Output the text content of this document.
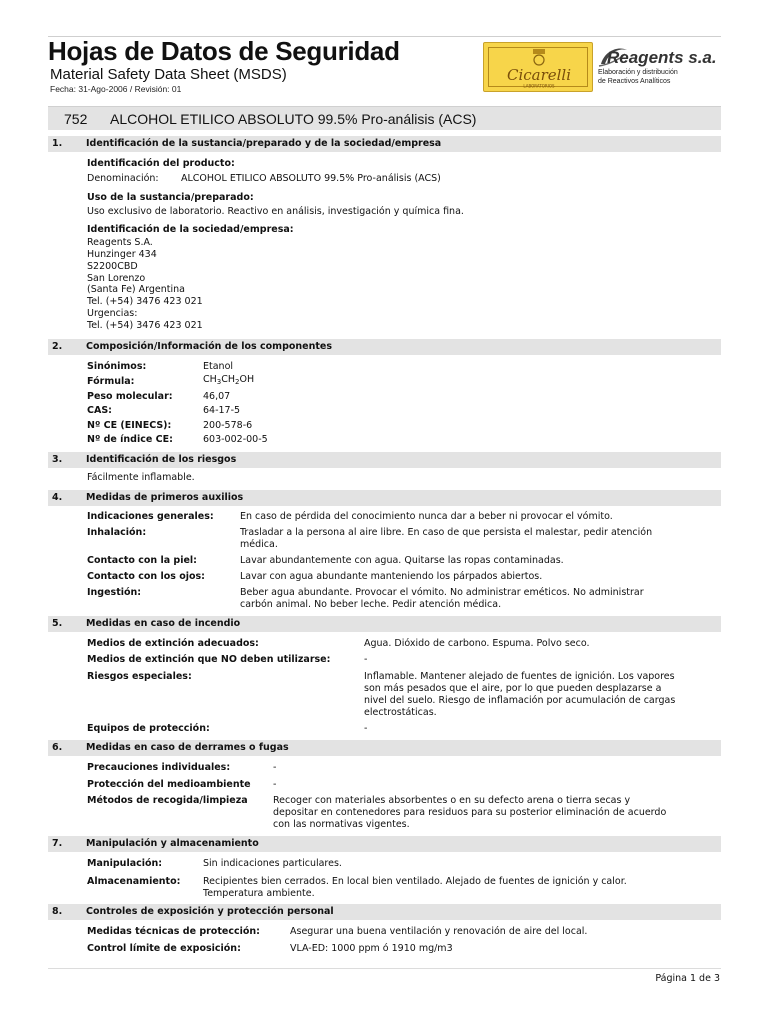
Hojas de Datos de Seguridad
Material Safety Data Sheet (MSDS)
Fecha: 31-Ago-2006 / Revisión: 01
Cicarelli
LABORATORIOS
Reagents s.a.
Elaboración y distribución
de Reactivos Analíticos
752 ALCOHOL ETILICO ABSOLUTO 99.5% Pro-análisis (ACS)
1.	Identificación de la sustancia/preparado y de la sociedad/empresa
Identificación del producto:
Denominación: ALCOHOL ETILICO ABSOLUTO 99.5% Pro-análisis (ACS)
Uso de la sustancia/preparado:
Uso exclusivo de laboratorio. Reactivo en análisis, investigación y química fina.
Identificación de la sociedad/empresa:
Reagents S.A.
Hunzinger 434
S2200CBD
San Lorenzo
(Santa Fe) Argentina
Tel. (+54) 3476 423 021
Urgencias:
Tel. (+54) 3476 423 021
2.	Composición/Información de los componentes
Sinónimos:	Etanol
Fórmula:	$CH_3CH_2OH$
Peso molecular:	46,07
CAS:	64-17-5
Nº CE (EINECS):	200-578-6
Nº de índice CE:	603-002-00-5
3.	Identificación de los riesgos
Fácilmente inflamable.
4.	Medidas de primeros auxilios
Indicaciones generales:	En caso de pérdida del conocimiento nunca dar a beber ni provocar el vómito.
Inhalación:	Trasladar a la persona al aire libre. En caso de que persista el malestar, pedir atención
médica.
Contacto con la piel:	Lavar abundantemente con agua. Quitarse las ropas contaminadas.
Contacto con los ojos:	Lavar con agua abundante manteniendo los párpados abiertos.
Ingestión:	Beber agua abundante. Provocar el vómito. No administrar eméticos. No administrar
carbón animal. No beber leche. Pedir atención médica.
5.	Medidas en caso de incendio
Medios de extinción adecuados:	Agua. Dióxido de carbono. Espuma. Polvo seco.
Medios de extinción que NO deben utilizarse:	-
Riesgos especiales:	Inflamable. Mantener alejado de fuentes de ignición. Los vapores
son más pesados que el aire, por lo que pueden desplazarse a
nivel del suelo. Riesgo de inflamación por acumulación de cargas
electrostáticas.
Equipos de protección:	-
6.	Medidas en caso de derrames o fugas
Precauciones individuales:	-
Protección del medioambiente -
Métodos de recogida/limpieza	Recoger con materiales absorbentes o en su defecto arena o tierra secas y
depositar en contenedores para residuos para su posterior eliminación de acuerdo
con las normativas vigentes.
7.	Manipulación y almacenamiento
Manipulación:	Sin indicaciones particulares.
Almacenamiento: Recipientes bien cerrados. En local bien ventilado. Alejado de fuentes de ignición y calor.
Temperatura ambiente.
8.	Controles de exposición y protección personal
Medidas técnicas de protección:	Asegurar una buena ventilación y renovación de aire del local.
Control límite de exposición:	VLA-ED: 1000 ppm ó 1910 mg/m3
Página 1 de 3
